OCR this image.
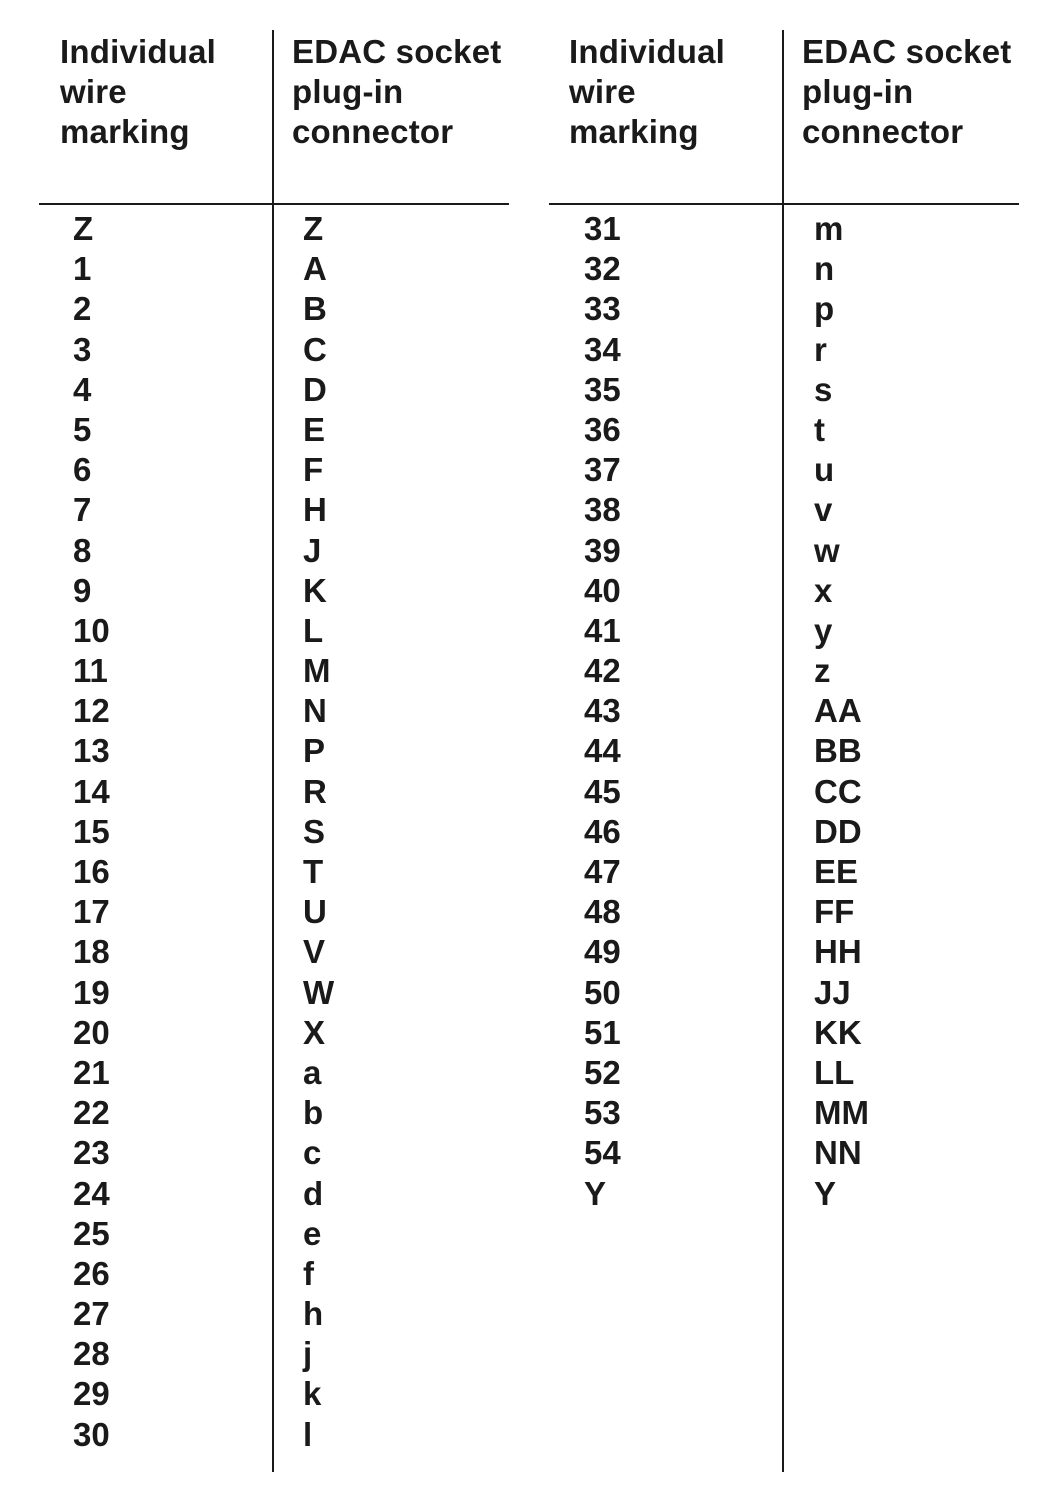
Individual
wire
marking
EDAC socket
plug-in
connector
Individual
wire
marking
EDAC socket
plug-in
connector
Z
1
2
3
4
5
6
7
8
9
10
11
12
13
14
15
16
17
18
19
20
21
22
23
24
25
26
27
28
29
30
Z
A
B
C
D
E
F
H
J
K
L
M
N
P
R
S
T
U
V
W
X
a
b
c
d
e
f
h
j
k
l
31
32
33
34
35
36
37
38
39
40
41
42
43
44
45
46
47
48
49
50
51
52
53
54
Y
m
n
p
r
s
t
u
v
w
x
y
z
AA
BB
CC
DD
EE
FF
HH
JJ
KK
LL
MM
NN
Y
